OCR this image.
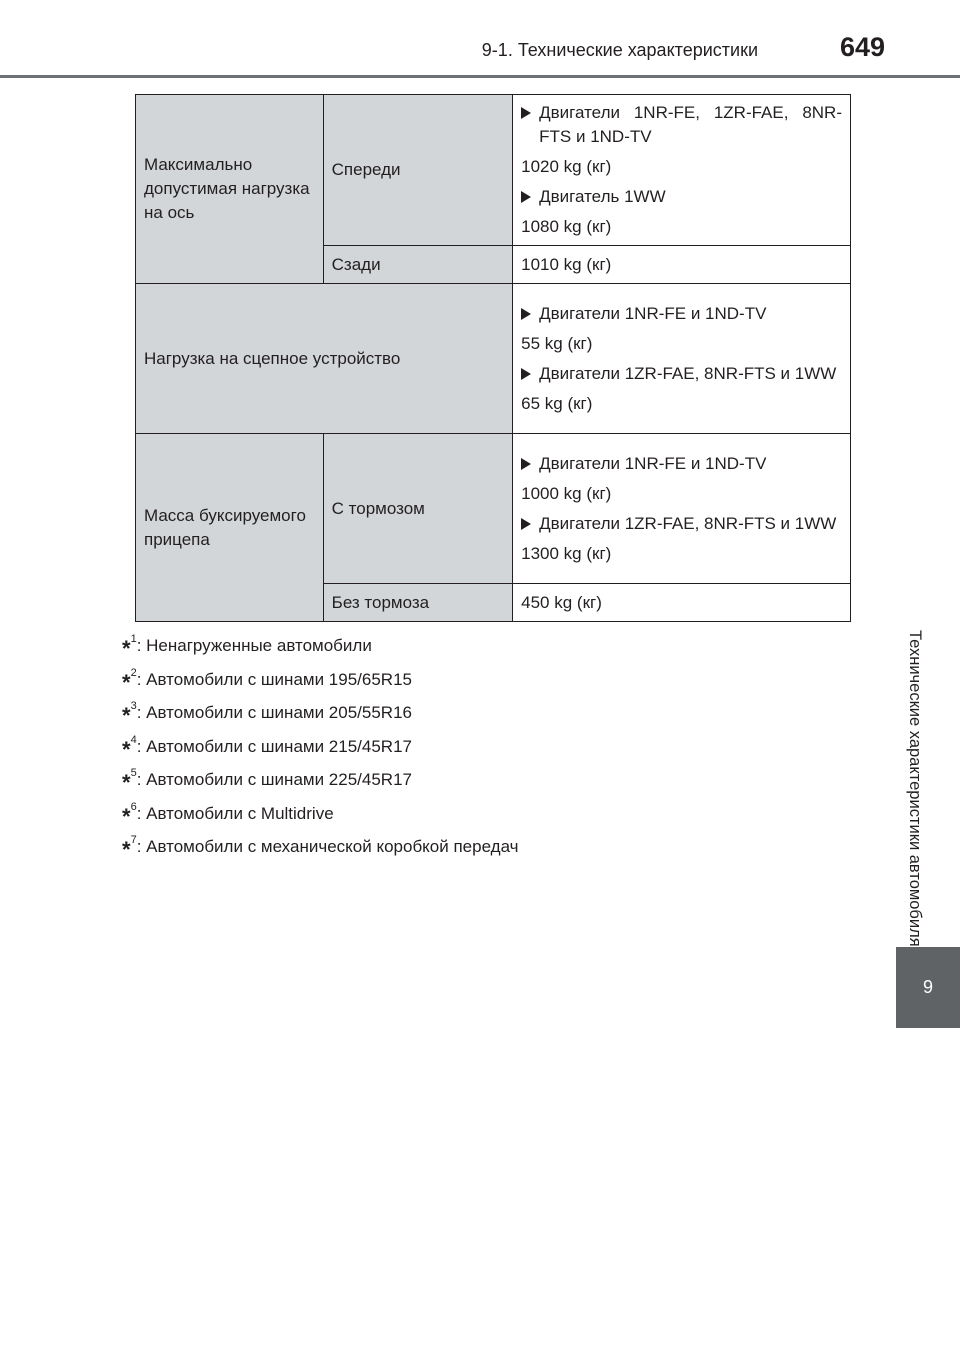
9-1. Технические характеристики	649
Технические характеристики автомобиля
9
Максимально допустимая нагрузка на ось	Спереди	Двигатели 1NR-FE, 1ZR-FAE, 8NR-FTS и 1ND-TV
1020 kg (кг)
Двигатель 1WW
1080 kg (кг)

	Сзади	1010 kg (кг)
Нагрузка на сцепное устройство		Двигатели 1NR-FE и 1ND-TV
55 kg (кг)
Двигатели 1ZR-FAE, 8NR-FTS и 1WW
65 kg (кг)

Масса буксируемого прицепа	С тормозом	Двигатели 1NR-FE и 1ND-TV
1000 kg (кг)
Двигатели 1ZR-FAE, 8NR-FTS и 1WW
1300 kg (кг)

	Без тормоза	450 kg (кг)
*$^1$: Ненагруженные автомобили
*$^2$: Автомобили с шинами 195/65R15
*$^3$: Автомобили с шинами 205/55R16
*$^4$: Автомобили с шинами 215/45R17
*$^5$: Автомобили с шинами 225/45R17
*$^6$: Автомобили с Multidrive
*$^7$: Автомобили с механической коробкой передач
